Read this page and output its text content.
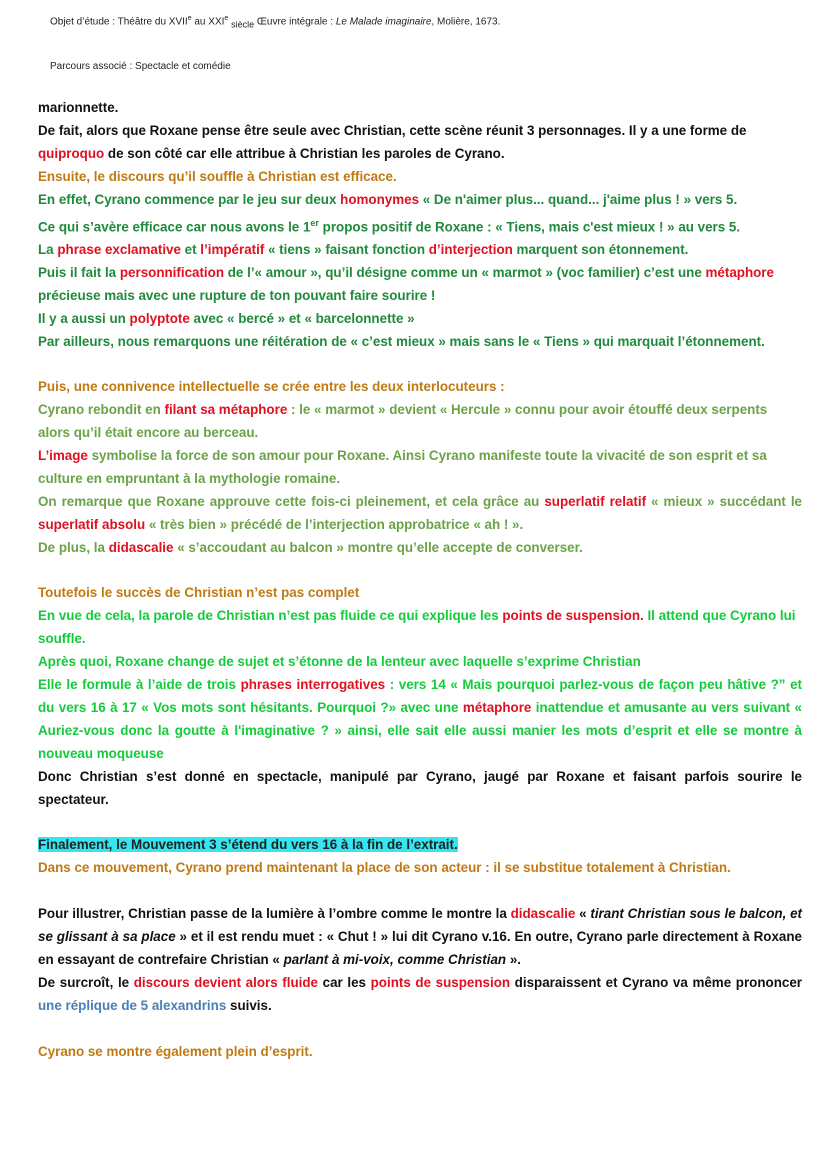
Objet d’étude : Théâtre du XVIIe au XXIe siècle Œuvre intégrale : Le Malade imaginaire, Molière, 1673.
Parcours associé : Spectacle et comédie

marionnette.

De fait, alors que Roxane pense être seule avec Christian, cette scène réunit 3 personnages. Il y a une forme de quiproquo de son côté car elle attribue à Christian les paroles de Cyrano.

Ensuite, le discours qu’il souffle à Christian est efficace.

En effet, Cyrano commence par le jeu sur deux homonymes « De n'aimer plus... quand... j'aime plus ! » vers 5.

Ce qui s’avère efficace car nous avons le 1er propos positif de Roxane : « Tiens, mais c'est mieux ! » au vers 5.

La phrase exclamative et l’impératif « tiens » faisant fonction d’interjection marquent son étonnement.

Puis il fait la personnification de l’« amour », qu’il désigne comme un « marmot » (voc familier) c’est une métaphore précieuse mais avec une rupture de ton pouvant faire sourire !

Il y a aussi un polyptote avec « bercé » et « barcelonnette »

Par ailleurs, nous remarquons une réitération de « c’est mieux » mais sans le « Tiens » qui marquait l’étonnement.

Puis, une connivence intellectuelle se crée entre les deux interlocuteurs :

Cyrano rebondit en filant sa métaphore : le « marmot » devient « Hercule » connu pour avoir étouffé deux serpents alors qu’il était encore au berceau.

L’image symbolise la force de son amour pour Roxane. Ainsi Cyrano manifeste toute la vivacité de son esprit et sa culture en empruntant à la mythologie romaine.

On remarque que Roxane approuve cette fois-ci pleinement, et cela grâce au superlatif relatif « mieux » succédant le superlatif absolu « très bien » précédé de l’interjection approbatrice « ah ! ».

De plus, la didascalie « s’accoudant au balcon » montre qu’elle accepte de converser.

Toutefois le succès de Christian n’est pas complet

En vue de cela, la parole de Christian n’est pas fluide ce qui explique les points de suspension. Il attend que Cyrano lui souffle.

Après quoi, Roxane change de sujet et s’étonne de la lenteur avec laquelle s’exprime Christian

Elle le formule à l’aide de trois phrases interrogatives : vers 14 « Mais pourquoi parlez-vous de façon peu hâtive ?” et du vers 16 à 17 « Vos mots sont hésitants. Pourquoi ?» avec une métaphore inattendue et amusante au vers suivant « Auriez-vous donc la goutte à l'imaginative ? » ainsi, elle sait elle aussi manier les mots d’esprit et elle se montre à nouveau moqueuse

Donc Christian s’est donné en spectacle, manipulé par Cyrano, jaugé par Roxane et faisant parfois sourire le spectateur.

Finalement, le Mouvement 3 s’étend du vers 16 à la fin de l’extrait.

Dans ce mouvement, Cyrano prend maintenant la place de son acteur : il se substitue totalement à Christian.

Pour illustrer, Christian passe de la lumière à l’ombre comme le montre la didascalie « tirant Christian sous le balcon, et se glissant à sa place » et il est rendu muet : « Chut ! » lui dit Cyrano v.16. En outre, Cyrano parle directement à Roxane en essayant de contrefaire Christian « parlant à mi-voix, comme Christian ».

De surcroît, le discours devient alors fluide car les points de suspension disparaissent et Cyrano va même prononcer une réplique de 5 alexandrins suivis.

Cyrano se montre également plein d’esprit.
